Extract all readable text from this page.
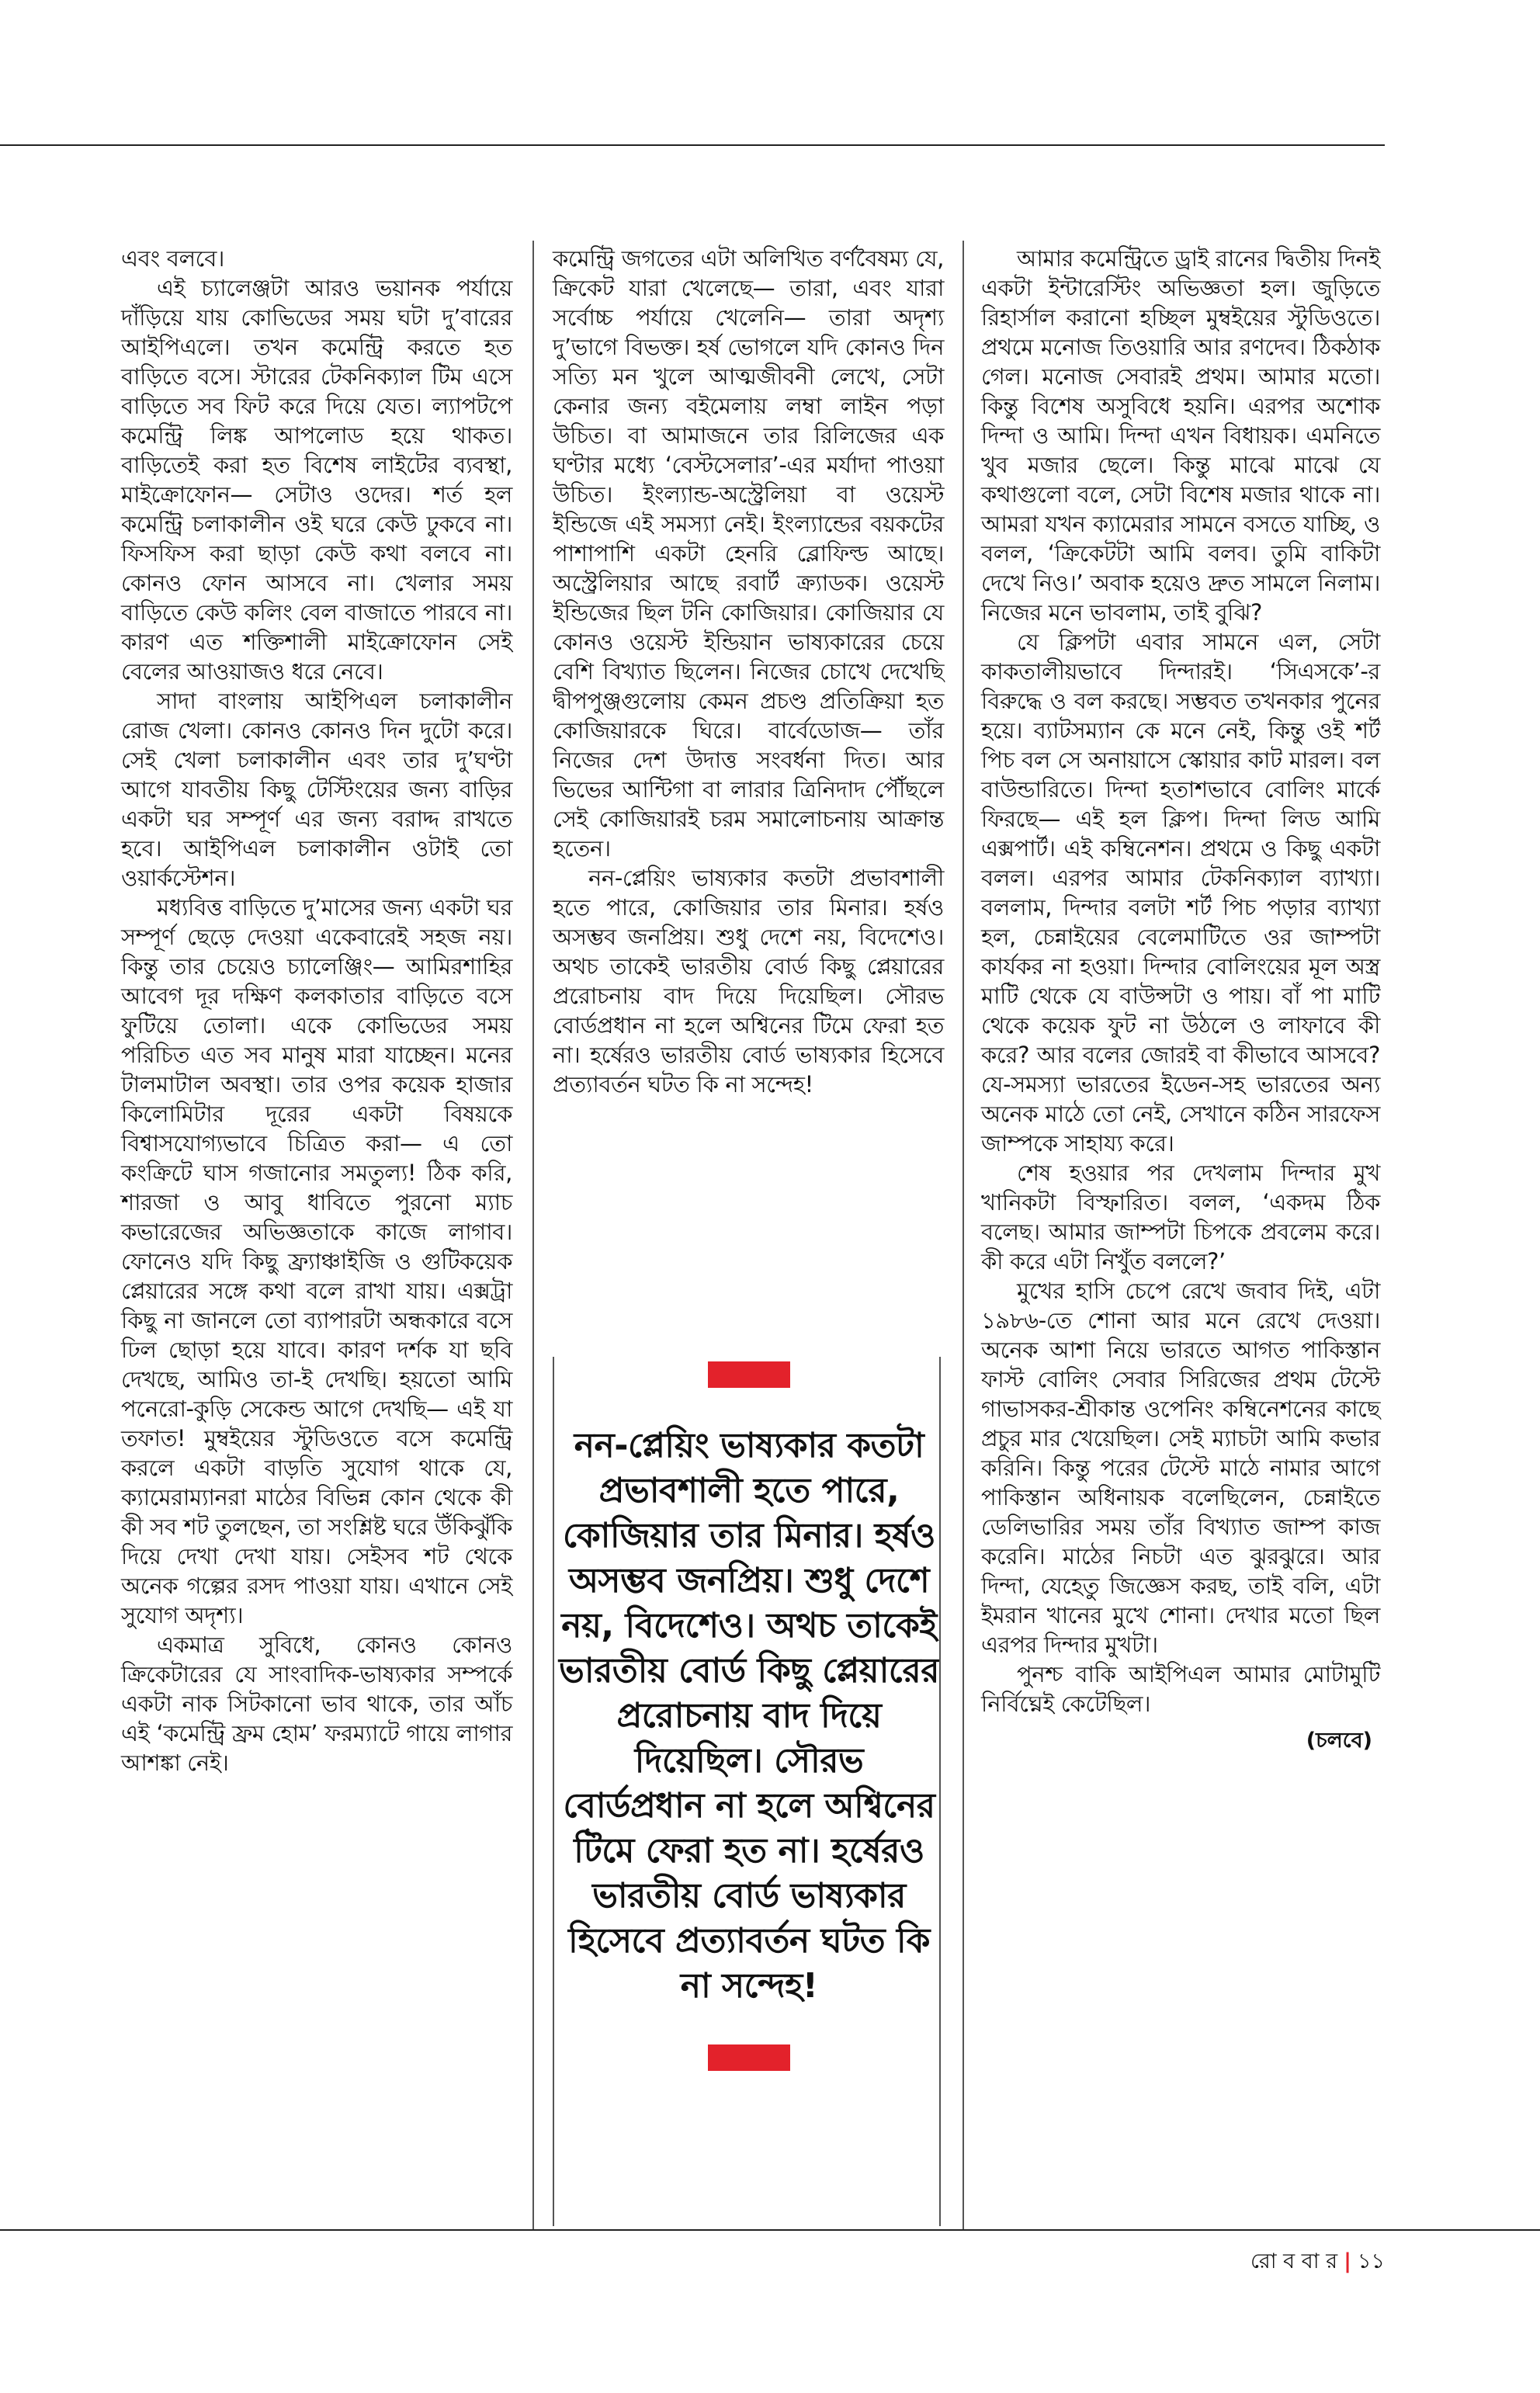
এবং বলবে।

এই চ্যালেঞ্জটা আরও ভয়ানক পর্যায়ে দাঁড়িয়ে যায় কোভিডের সময় ঘটা দু’বারের আইপিএলে। তখন কমেন্ট্রি করতে হত বাড়িতে বসে। স্টারের টেকনিক্যাল টিম এসে বাড়িতে সব ফিট করে দিয়ে যেত। ল্যাপটপে কমেন্ট্রি লিঙ্ক আপলোড হয়ে থাকত। বাড়িতেই করা হত বিশেষ লাইটের ব্যবস্থা, মাইক্রোফোন— সেটাও ওদের। শর্ত হল কমেন্ট্রি চলাকালীন ওই ঘরে কেউ ঢুকবে না। ফিসফিস করা ছাড়া কেউ কথা বলবে না। কোনও ফোন আসবে না। খেলার সময় বাড়িতে কেউ কলিং বেল বাজাতে পারবে না। কারণ এত শক্তিশালী মাইক্রোফোন সেই বেলের আওয়াজও ধরে নেবে।

সাদা বাংলায় আইপিএল চলাকালীন রোজ খেলা। কোনও কোনও দিন দুটো করে। সেই খেলা চলাকালীন এবং তার দু’ঘণ্টা আগে যাবতীয় কিছু টেস্টিংয়ের জন্য বাড়ির একটা ঘর সম্পূর্ণ এর জন্য বরাদ্দ রাখতে হবে। আইপিএল চলাকালীন ওটাই তো ওয়ার্কস্টেশন।

মধ্যবিত্ত বাড়িতে দু’মাসের জন্য একটা ঘর সম্পূর্ণ ছেড়ে দেওয়া একেবারেই সহজ নয়। কিন্তু তার চেয়েও চ্যালেঞ্জিং— আমিরশাহির আবেগ দূর দক্ষিণ কলকাতার বাড়িতে বসে ফুটিয়ে তোলা। একে কোভিডের সময় পরিচিত এত সব মানুষ মারা যাচ্ছেন। মনের টালমাটাল অবস্থা। তার ওপর কয়েক হাজার কিলোমিটার দূরের একটা বিষয়কে বিশ্বাসযোগ্যভাবে চিত্রিত করা— এ তো কংক্রিটে ঘাস গজানোর সমতুল্য! ঠিক করি, শারজা ও আবু ধাবিতে পুরনো ম্যাচ কভারেজের অভিজ্ঞতাকে কাজে লাগাব। ফোনেও যদি কিছু ফ্র্যাঞ্চাইজি ও গুটিকয়েক প্লেয়ারের সঙ্গে কথা বলে রাখা যায়। এক্সট্রা কিছু না জানলে তো ব্যাপারটা অন্ধকারে বসে ঢিল ছোড়া হয়ে যাবে। কারণ দর্শক যা ছবি দেখছে, আমিও তা-ই দেখছি। হয়তো আমি পনেরো-কুড়ি সেকেন্ড আগে দেখছি— এই যা তফাত! মুম্বইয়ের স্টুডিওতে বসে কমেন্ট্রি করলে একটা বাড়তি সুযোগ থাকে যে, ক্যামেরাম্যানরা মাঠের বিভিন্ন কোন থেকে কী কী সব শট তুলছেন, তা সংশ্লিষ্ট ঘরে উঁকিঝুঁকি দিয়ে দেখা দেখা যায়। সেইসব শট থেকে অনেক গল্পের রসদ পাওয়া যায়। এখানে সেই সুযোগ অদৃশ্য।

একমাত্র সুবিধে, কোনও কোনও ক্রিকেটারের যে সাংবাদিক-ভাষ্যকার সম্পর্কে একটা নাক সিটকানো ভাব থাকে, তার আঁচ এই ‘কমেন্ট্রি ফ্রম হোম’ ফরম্যাটে গায়ে লাগার আশঙ্কা নেই।

কমেন্ট্রি জগতের এটা অলিখিত বর্ণবৈষম্য যে, ক্রিকেট যারা খেলেছে— তারা, এবং যারা সর্বোচ্চ পর্যায়ে খেলেনি— তারা অদৃশ্য দু’ভাগে বিভক্ত। হর্ষ ভোগলে যদি কোনও দিন সত্যি মন খুলে আত্মজীবনী লেখে, সেটা কেনার জন্য বইমেলায় লম্বা লাইন পড়া উচিত। বা আমাজনে তার রিলিজের এক ঘণ্টার মধ্যে ‘বেস্টসেলার’-এর মর্যাদা পাওয়া উচিত। ইংল্যান্ড-অস্ট্রেলিয়া বা ওয়েস্ট ইন্ডিজে এই সমস্যা নেই। ইংল্যান্ডের বয়কটের পাশাপাশি একটা হেনরি ব্লোফিল্ড আছে। অস্ট্রেলিয়ার আছে রবার্ট ক্র্যাডক। ওয়েস্ট ইন্ডিজের ছিল টনি কোজিয়ার। কোজিয়ার যে কোনও ওয়েস্ট ইন্ডিয়ান ভাষ্যকারের চেয়ে বেশি বিখ্যাত ছিলেন। নিজের চোখে দেখেছি দ্বীপপুঞ্জগুলোয় কেমন প্রচণ্ড প্রতিক্রিয়া হত কোজিয়ারকে ঘিরে। বার্বেডোজ— তাঁর নিজের দেশ উদাত্ত সংবর্ধনা দিত। আর ভিভের আন্টিগা বা লারার ত্রিনিদাদ পৌঁছলে সেই কোজিয়ারই চরম সমালোচনায় আক্রান্ত হতেন।

নন-প্লেয়িং ভাষ্যকার কতটা প্রভাবশালী হতে পারে, কোজিয়ার তার মিনার। হর্ষও অসম্ভব জনপ্রিয়। শুধু দেশে নয়, বিদেশেও। অথচ তাকেই ভারতীয় বোর্ড কিছু প্লেয়ারের প্ররোচনায় বাদ দিয়ে দিয়েছিল। সৌরভ বোর্ডপ্রধান না হলে অশ্বিনের টিমে ফেরা হত না। হর্ষেরও ভারতীয় বোর্ড ভাষ্যকার হিসেবে প্রত্যাবর্তন ঘটত কি না সন্দেহ!

নন-প্লেয়িং ভাষ্যকার কতটা প্রভাবশালী হতে পারে, কোজিয়ার তার মিনার। হর্ষও অসম্ভব জনপ্রিয়। শুধু দেশে নয়, বিদেশেও। অথচ তাকেই ভারতীয় বোর্ড কিছু প্লেয়ারের প্ররোচনায় বাদ দিয়ে দিয়েছিল। সৌরভ বোর্ডপ্রধান না হলে অশ্বিনের টিমে ফেরা হত না। হর্ষেরও ভারতীয় বোর্ড ভাষ্যকার হিসেবে প্রত্যাবর্তন ঘটত কি না সন্দেহ!

আমার কমেন্ট্রিতে ড্রাই রানের দ্বিতীয় দিনই একটা ইন্টারেস্টিং অভিজ্ঞতা হল। জুড়িতে রিহার্সাল করানো হচ্ছিল মুম্বইয়ের স্টুডিওতে। প্রথমে মনোজ তিওয়ারি আর রণদেব। ঠিকঠাক গেল। মনোজ সেবারই প্রথম। আমার মতো। কিন্তু বিশেষ অসুবিধে হয়নি। এরপর অশোক দিন্দা ও আমি। দিন্দা এখন বিধায়ক। এমনিতে খুব মজার ছেলে। কিন্তু মাঝে মাঝে যে কথাগুলো বলে, সেটা বিশেষ মজার থাকে না। আমরা যখন ক্যামেরার সামনে বসতে যাচ্ছি, ও বলল, ‘ক্রিকেটটা আমি বলব। তুমি বাকিটা দেখে নিও।’ অবাক হয়েও দ্রুত সামলে নিলাম। নিজের মনে ভাবলাম, তাই বুঝি?

যে ক্লিপটা এবার সামনে এল, সেটা কাকতালীয়ভাবে দিন্দারই। ‘সিএসকে’-র বিরুদ্ধে ও বল করছে। সম্ভবত তখনকার পুনের হয়ে। ব্যাটসম্যান কে মনে নেই, কিন্তু ওই শর্ট পিচ বল সে অনায়াসে স্কোয়ার কাট মারল। বল বাউন্ডারিতে। দিন্দা হতাশভাবে বোলিং মার্কে ফিরছে— এই হল ক্লিপ। দিন্দা লিড আমি এক্সপার্ট। এই কম্বিনেশন। প্রথমে ও কিছু একটা বলল। এরপর আমার টেকনিক্যাল ব্যাখ্যা। বললাম, দিন্দার বলটা শর্ট পিচ পড়ার ব্যাখ্যা হল, চেন্নাইয়ের বেলেমাটিতে ওর জাম্পটা কার্যকর না হওয়া। দিন্দার বোলিংয়ের মূল অস্ত্র মাটি থেকে যে বাউন্সটা ও পায়। বাঁ পা মাটি থেকে কয়েক ফুট না উঠলে ও লাফাবে কী করে? আর বলের জোরই বা কীভাবে আসবে? যে-সমস্যা ভারতের ইডেন-সহ ভারতের অন্য অনেক মাঠে তো নেই, সেখানে কঠিন সারফেস জাম্পকে সাহায্য করে।

শেষ হওয়ার পর দেখলাম দিন্দার মুখ খানিকটা বিস্ফারিত। বলল, ‘একদম ঠিক বলেছ। আমার জাম্পটা চিপকে প্রবলেম করে। কী করে এটা নিখুঁত বললে?’

মুখের হাসি চেপে রেখে জবাব দিই, এটা ১৯৮৬-তে শোনা আর মনে রেখে দেওয়া। অনেক আশা নিয়ে ভারতে আগত পাকিস্তান ফাস্ট বোলিং সেবার সিরিজের প্রথম টেস্টে গাভাসকর-শ্রীকান্ত ওপেনিং কম্বিনেশনের কাছে প্রচুর মার খেয়েছিল। সেই ম্যাচটা আমি কভার করিনি। কিন্তু পরের টেস্টে মাঠে নামার আগে পাকিস্তান অধিনায়ক বলেছিলেন, চেন্নাইতে ডেলিভারির সময় তাঁর বিখ্যাত জাম্প কাজ করেনি। মাঠের নিচটা এত ঝুরঝুরে। আর দিন্দা, যেহেতু জিজ্ঞেস করছ, তাই বলি, এটা ইমরান খানের মুখে শোনা। দেখার মতো ছিল এরপর দিন্দার মুখটা।

পুনশ্চ বাকি আইপিএল আমার মোটামুটি নির্বিঘ্নেই কেটেছিল।

(চলবে)
রো ব বা র | ১১
